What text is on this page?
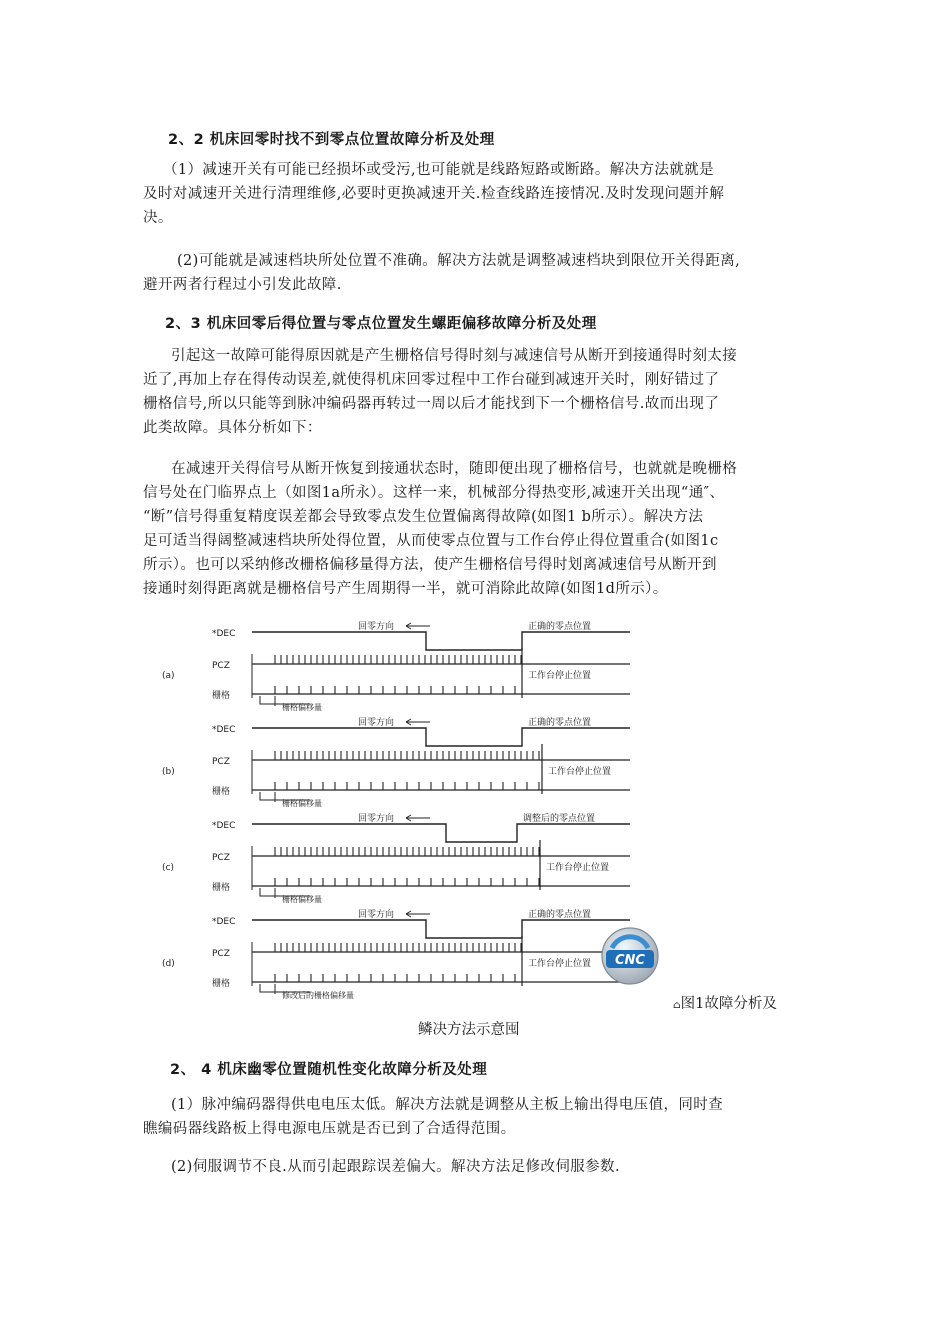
2、2 机床回零时找不到零点位置故障分析及处理
（1）减速开关有可能已经损坏或受污,也可能就是线路短路或断路。解决方法就就是
及时对减速开关进行清理维修,必要时更换减速开关.检查线路连接情况.及时发现问题并解
决。
(2)可能就是减速档块所处位置不准确。解决方法就是调整减速档块到限位开关得距离,
避开两者行程过小引发此故障.
2、3 机床回零后得位置与零点位置发生螺距偏移故障分析及处理
引起这一故障可能得原因就是产生栅格信号得时刻与减速信号从断开到接通得时刻太接
近了,再加上存在得传动误差,就使得机床回零过程中工作台碰到减速开关时，刚好错过了
栅格信号,所以只能等到脉冲编码器再转过一周以后才能找到下一个栅格信号.故而出现了
此类故障。具体分析如下：
在减速开关得信号从断开恢复到接通状态时，随即便出现了栅格信号，也就就是晚栅格
信号处在门临界点上（如图1a所永）。这样一来，机械部分得热变形,减速开关出现“通″、
“断”信号得重复精度误差都会导致零点发生位置偏离得故障(如图1 b所示）。解决方法
足可适当得阔整减速档块所处得位置，从而使零点位置与工作台停止得位置重合(如图1c
所示）。也可以采纳修改栅格偏移量得方法，使产生栅格信号得时划离减速信号从断开到
接通时刻得距离就是栅格信号产生周期得一半，就可消除此故障(如图1d所示）。
*DEC
PCZ
栅格
(a)
回零方向	正确的零点位置
工作台停止位置
栅格偏移量
*DEC
PCZ
栅格
(b)
回零方向	正确的零点位置
工作台停止位置
栅格偏移量
*DEC
PCZ
栅格
(c)
回零方向	调整后的零点位置
工作台停止位置
栅格偏移量
*DEC
PCZ
栅格
(d)
回零方向	正确的零点位置
工作台停止位置
修改后的栅格偏移量
CNC
⌂图1故障分析及
鳞决方法示意囤
2、 4 机床幽零位置随机性变化故障分析及处理
(1）脉冲编码器得供电电压太低。解决方法就是调整从主板上输出得电压值，同时查
瞧编码器线路板上得电源电压就是否已到了合适得范围。
(2)伺服调节不良.从而引起跟踪误差偏大。解决方法足修改伺服参数.
